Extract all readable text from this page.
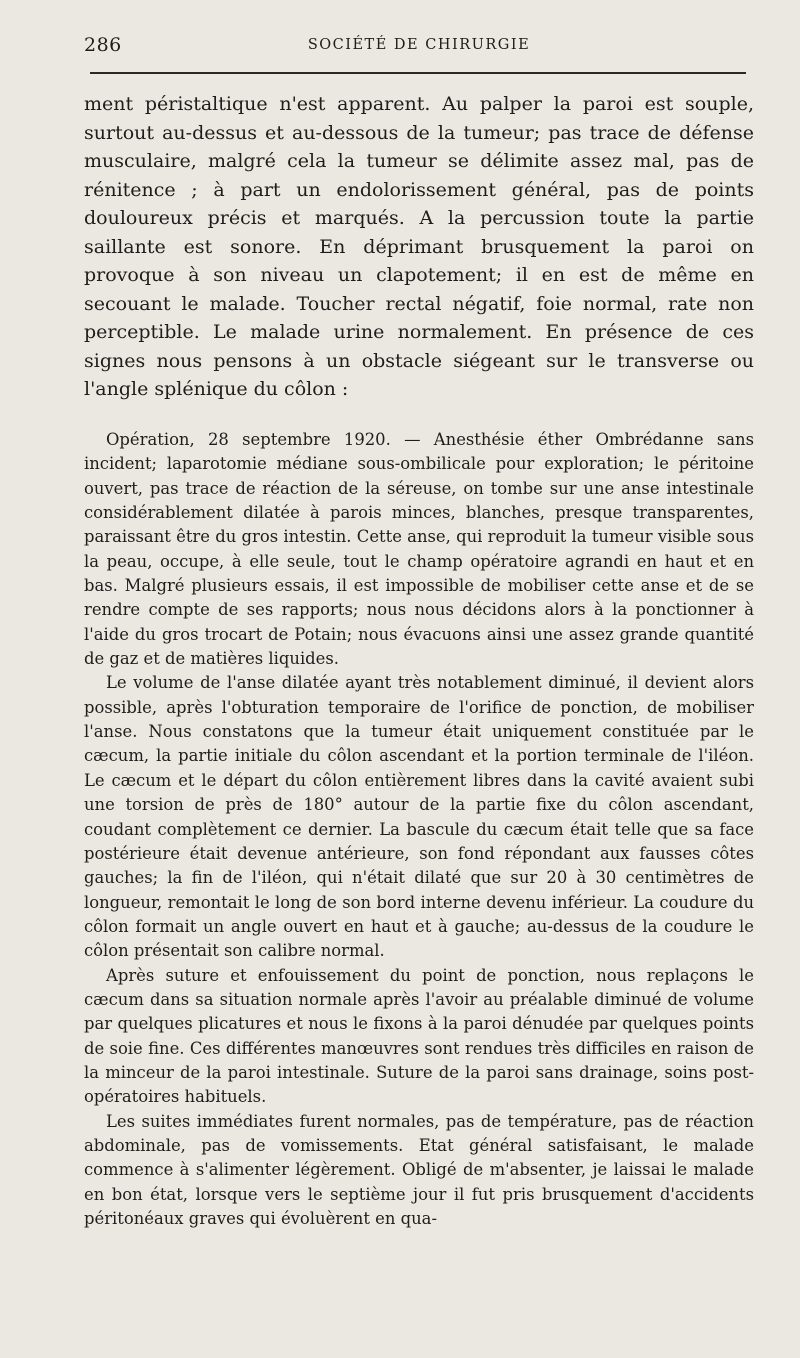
286	SOCIÉTÉ DE CHIRURGIE

ment péristaltique n'est apparent. Au palper la paroi est souple, surtout au-dessus et au-dessous de la tumeur; pas trace de défense musculaire, malgré cela la tumeur se délimite assez mal, pas de rénitence ; à part un endolorissement général, pas de points douloureux précis et marqués. A la percussion toute la partie saillante est sonore. En déprimant brusquement la paroi on provoque à son niveau un clapotement; il en est de même en secouant le malade. Toucher rectal négatif, foie normal, rate non perceptible. Le malade urine normalement. En présence de ces signes nous pensons à un obstacle siégeant sur le transverse ou l'angle splénique du côlon :

Opération, 28 septembre 1920. — Anesthésie éther Ombrédanne sans incident; laparotomie médiane sous-ombilicale pour exploration; le péritoine ouvert, pas trace de réaction de la séreuse, on tombe sur une anse intestinale considérablement dilatée à parois minces, blanches, presque transparentes, paraissant être du gros intestin. Cette anse, qui reproduit la tumeur visible sous la peau, occupe, à elle seule, tout le champ opératoire agrandi en haut et en bas. Malgré plusieurs essais, il est impossible de mobiliser cette anse et de se rendre compte de ses rapports; nous nous décidons alors à la ponctionner à l'aide du gros trocart de Potain; nous évacuons ainsi une assez grande quantité de gaz et de matières liquides.

Le volume de l'anse dilatée ayant très notablement diminué, il devient alors possible, après l'obturation temporaire de l'orifice de ponction, de mobiliser l'anse. Nous constatons que la tumeur était uniquement constituée par le cæcum, la partie initiale du côlon ascendant et la portion terminale de l'iléon. Le cæcum et le départ du côlon entièrement libres dans la cavité avaient subi une torsion de près de 180° autour de la partie fixe du côlon ascendant, coudant complètement ce dernier. La bascule du cæcum était telle que sa face postérieure était devenue antérieure, son fond répondant aux fausses côtes gauches; la fin de l'iléon, qui n'était dilaté que sur 20 à 30 centimètres de longueur, remontait le long de son bord interne devenu inférieur. La coudure du côlon formait un angle ouvert en haut et à gauche; au-dessus de la coudure le côlon présentait son calibre normal.

Après suture et enfouissement du point de ponction, nous replaçons le cæcum dans sa situation normale après l'avoir au préalable diminué de volume par quelques plicatures et nous le fixons à la paroi dénudée par quelques points de soie fine. Ces différentes manœuvres sont rendues très difficiles en raison de la minceur de la paroi intestinale. Suture de la paroi sans drainage, soins post-opératoires habituels.

Les suites immédiates furent normales, pas de température, pas de réaction abdominale, pas de vomissements. Etat général satisfaisant, le malade commence à s'alimenter légèrement. Obligé de m'absenter, je laissai le malade en bon état, lorsque vers le septième jour il fut pris brusquement d'accidents péritonéaux graves qui évoluèrent en qua-
